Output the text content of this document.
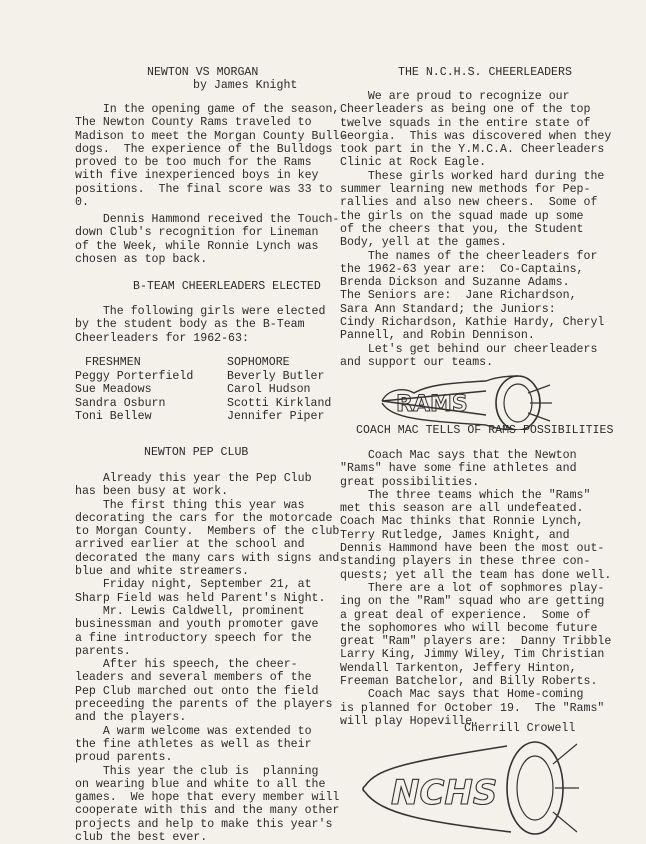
NEWTON VS MORGAN
by James Knight
In the opening game of the season,
The Newton County Rams traveled to
Madison to meet the Morgan County Bull-
dogs.  The experience of the Bulldogs
proved to be too much for the Rams
with five inexperienced boys in key
positions.  The final score was 33 to
0.
Dennis Hammond received the Touch-
down Club's recognition for Lineman
of the Week, while Ronnie Lynch was
chosen as top back.
B-TEAM CHEERLEADERS ELECTED
The following girls were elected
by the student body as the B-Team
Cheerleaders for 1962-63:
FRESHMEN	SOPHOMORE
Peggy Porterfield
Sue Meadows
Sandra Osburn
Toni Bellew
Beverly Butler
Carol Hudson
Scotti Kirkland
Jennifer Piper
NEWTON PEP CLUB
Already this year the Pep Club
has been busy at work.
The first thing this year was
decorating the cars for the motorcade
to Morgan County.  Members of the club
arrived earlier at the school and
decorated the many cars with signs and
blue and white streamers.
Friday night, September 21, at
Sharp Field was held Parent's Night.
Mr. Lewis Caldwell, prominent
businessman and youth promoter gave
a fine introductory speech for the
parents.
After his speech, the cheer-
leaders and several members of the
Pep Club marched out onto the field
preceeding the parents of the players
and the players.
A warm welcome was extended to
the fine athletes as well as their
proud parents.
This year the club is  planning
on wearing blue and white to all the
games.  We hope that every member will
cooperate with this and the many other
projects and help to make this year's
club the best ever.
THE N.C.H.S. CHEERLEADERS
We are proud to recognize our
Cheerleaders as being one of the top
twelve squads in the entire state of
Georgia.  This was discovered when they
took part in the Y.M.C.A. Cheerleaders
Clinic at Rock Eagle.
These girls worked hard during the
summer learning new methods for Pep-
rallies and also new cheers.  Some of
the girls on the squad made up some
of the cheers that you, the Student
Body, yell at the games.
The names of the cheerleaders for
the 1962-63 year are:  Co-Captains,
Brenda Dickson and Suzanne Adams.
The Seniors are:  Jane Richardson,
Sara Ann Standard; the Juniors:
Cindy Richardson, Kathie Hardy, Cheryl
Pannell, and Robin Dennison.
Let's get behind our cheerleaders
and support our teams.
RAMS
COACH MAC TELLS OF RAMS POSSIBILITIES
Coach Mac says that the Newton
"Rams" have some fine athletes and
great possibilities.
The three teams which the "Rams"
met this season are all undefeated.
Coach Mac thinks that Ronnie Lynch,
Terry Rutledge, James Knight, and
Dennis Hammond have been the most out-
standing players in these three con-
quests; yet all the team has done well.
There are a lot of sophmores play-
ing on the "Ram" squad who are getting
a great deal of experience.  Some of
the sophomores who will become future
great "Ram" players are:  Danny Tribble
Larry King, Jimmy Wiley, Tim Christian
Wendall Tarkenton, Jeffery Hinton,
Freeman Batchelor, and Billy Roberts.
Coach Mac says that Home-coming
is planned for October 19.  The "Rams"
will play Hopeville.
Cherrill Crowell
NCHS
